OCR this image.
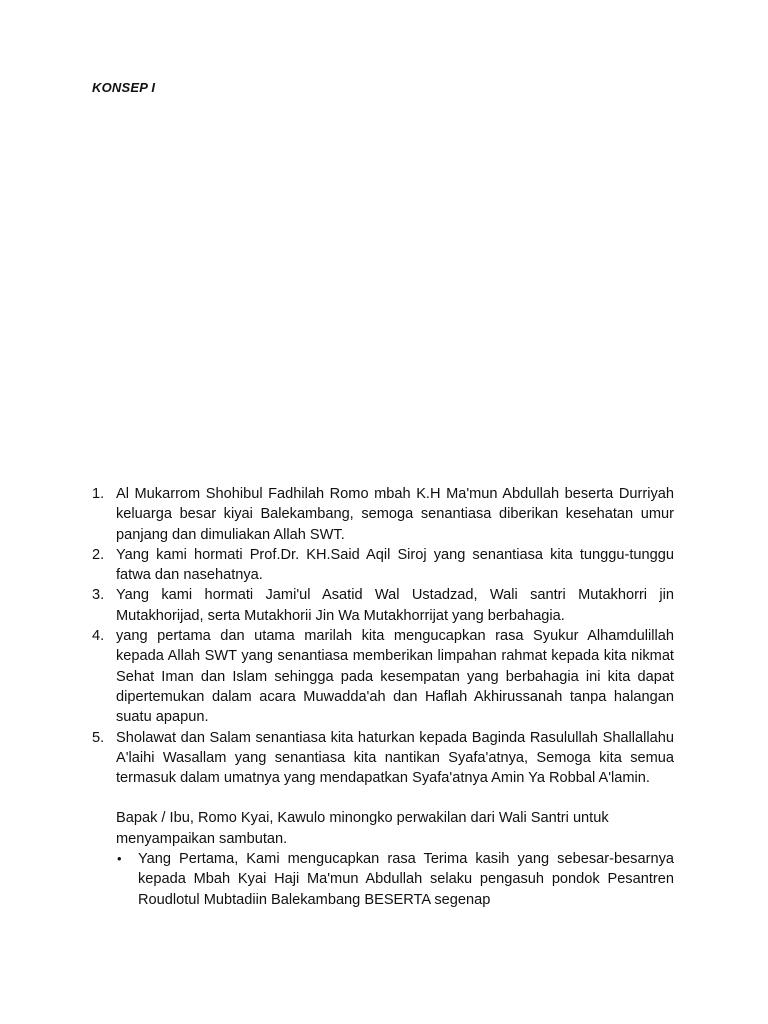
KONSEP I
1. Al Mukarrom Shohibul Fadhilah Romo mbah K.H Ma'mun Abdullah beserta Durriyah keluarga besar kiyai Balekambang, semoga senantiasa diberikan kesehatan umur panjang dan dimuliakan Allah SWT.
2. Yang kami hormati Prof.Dr. KH.Said Aqil Siroj yang senantiasa kita tunggu-tunggu fatwa dan nasehatnya.
3. Yang kami hormati Jami'ul Asatid Wal Ustadzad, Wali santri Mutakhorri jin Mutakhorijad, serta Mutakhorii Jin Wa Mutakhorrijat yang berbahagia.
4. yang pertama dan utama marilah kita mengucapkan rasa Syukur Alhamdulillah kepada Allah SWT yang senantiasa memberikan limpahan rahmat kepada kita nikmat Sehat Iman dan Islam sehingga pada kesempatan yang berbahagia ini kita dapat dipertemukan dalam acara Muwadda'ah dan Haflah Akhirussanah tanpa halangan suatu apapun.
5. Sholawat dan Salam senantiasa kita haturkan kepada Baginda Rasulullah Shallallahu A'laihi Wasallam yang senantiasa kita nantikan Syafa'atnya, Semoga kita semua termasuk dalam umatnya yang mendapatkan Syafa'atnya Amin Ya Robbal A'lamin.

Bapak / Ibu, Romo Kyai, Kawulo minongko perwakilan dari Wali Santri untuk menyampaikan sambutan.

• Yang Pertama, Kami mengucapkan rasa Terima kasih yang sebesar-besarnya kepada Mbah Kyai Haji Ma'mun Abdullah selaku pengasuh pondok Pesantren Roudlotul Mubtadiin Balekambang BESERTA segenap
